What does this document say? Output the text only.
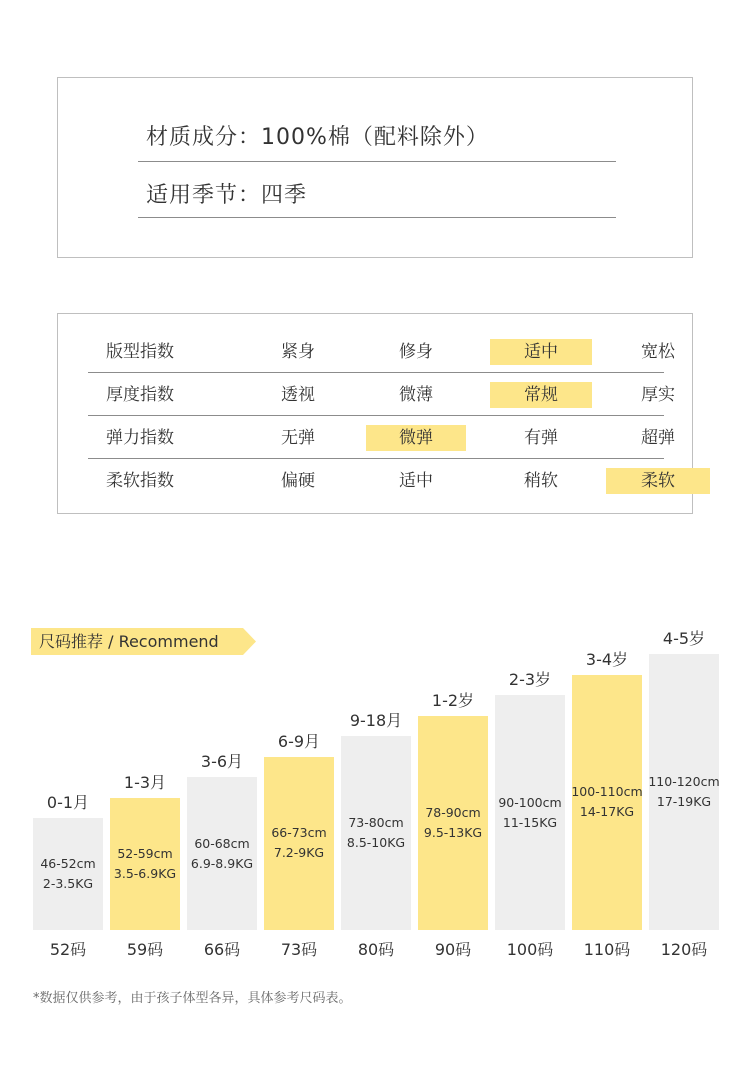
材质成分：100%棉（配料除外）
适用季节：四季
版型指数	紧身	修身	适中	宽松
厚度指数	透视	微薄	常规	厚实
弹力指数	无弹	微弹	有弹	超弹
柔软指数	偏硬	适中	稍软	柔软
尺码推荐 / Recommend
0-1月
46-52cm
2-3.5KG
52码
1-3月
52-59cm
3.5-6.9KG
59码
3-6月
60-68cm
6.9-8.9KG
66码
6-9月
66-73cm
7.2-9KG
73码
9-18月
73-80cm
8.5-10KG
80码
1-2岁
78-90cm
9.5-13KG
90码
2-3岁
90-100cm
11-15KG
100码
3-4岁
100-110cm
14-17KG
110码
4-5岁
110-120cm
17-19KG
120码
*数据仅供参考，由于孩子体型各异，具体参考尺码表。
